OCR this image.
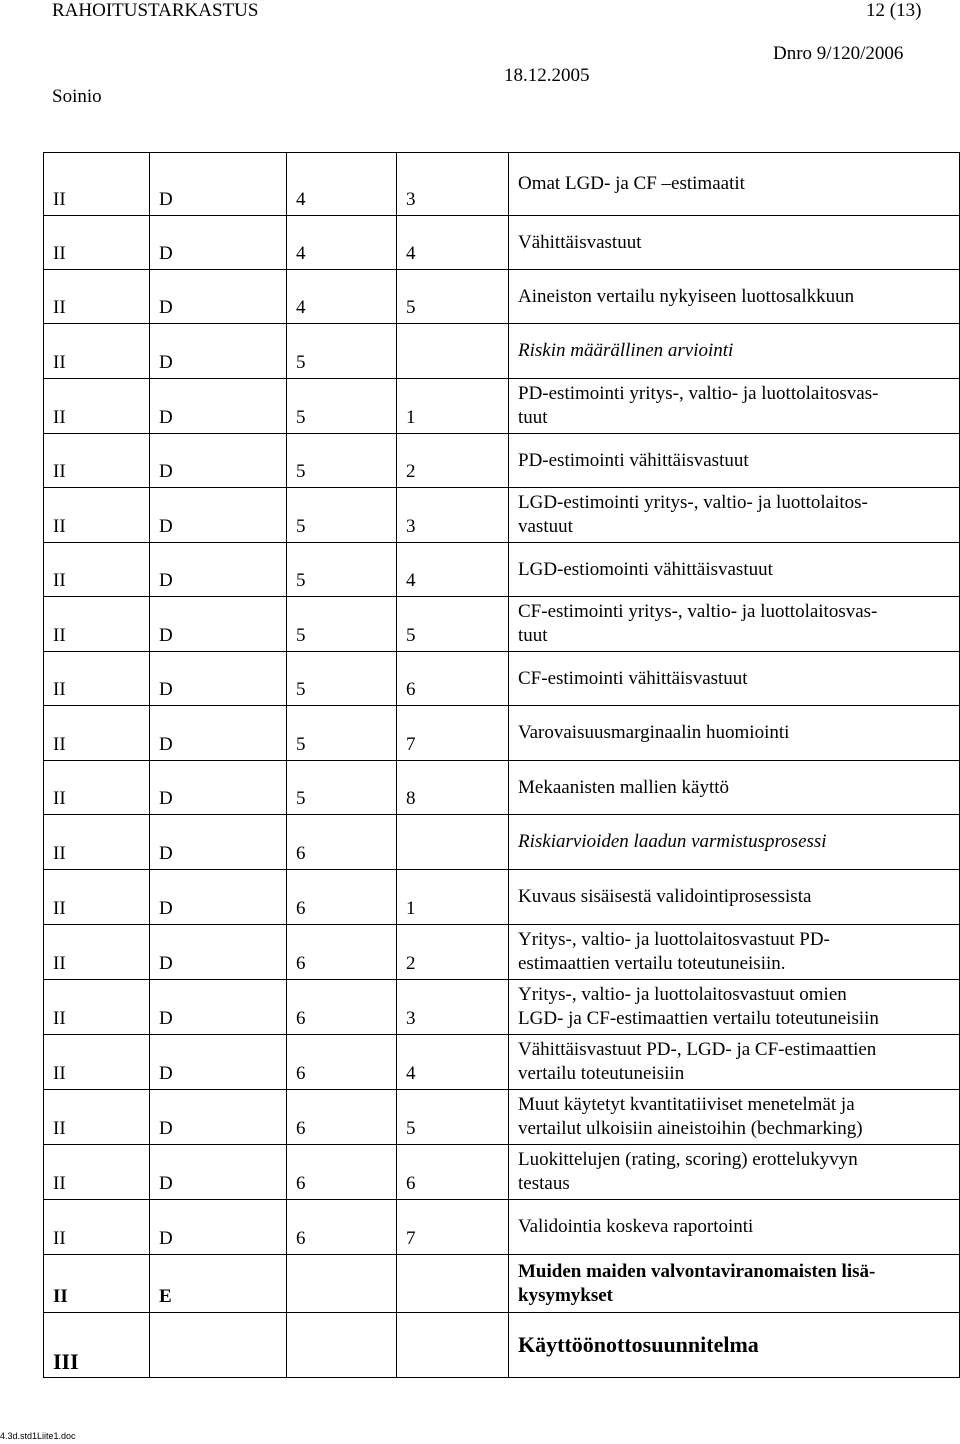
RAHOITUSTARKASTUS	12 (13)
Dnro 9/120/2006
18.12.2005
Soinio
II	D	4	3	Omat LGD- ja CF –estimaatit
II	D	4	4	Vähittäisvastuut
II	D	4	5	Aineiston vertailu nykyiseen luottosalkkuun
II	D	5		Riskin määrällinen arviointi
II	D	5	1	PD-estimointi yritys-, valtio- ja luottolaitosvas-
tuut
II	D	5	2	PD-estimointi vähittäisvastuut
II	D	5	3	LGD-estimointi yritys-, valtio- ja luottolaitos-
vastuut
II	D	5	4	LGD-estiomointi vähittäisvastuut
II	D	5	5	CF-estimointi yritys-, valtio- ja luottolaitosvas-
tuut
II	D	5	6	CF-estimointi vähittäisvastuut
II	D	5	7	Varovaisuusmarginaalin huomiointi
II	D	5	8	Mekaanisten mallien käyttö
II	D	6		Riskiarvioiden laadun varmistusprosessi
II	D	6	1	Kuvaus sisäisestä validointiprosessista
II	D	6	2	Yritys-, valtio- ja luottolaitosvastuut PD-
estimaattien vertailu toteutuneisiin.
II	D	6	3	Yritys-, valtio- ja luottolaitosvastuut omien
LGD- ja CF-estimaattien vertailu toteutuneisiin
II	D	6	4	Vähittäisvastuut PD-, LGD- ja CF-estimaattien
vertailu toteutuneisiin
II	D	6	5	Muut käytetyt kvantitatiiviset menetelmät ja
vertailut ulkoisiin aineistoihin (bechmarking)
II	D	6	6	Luokittelujen (rating, scoring) erottelukyvyn
testaus
II	D	6	7	Validointia koskeva raportointi
II	E			Muiden maiden valvontaviranomaisten lisä-
kysymykset
III				Käyttöönottosuunnitelma
4.3d.std1Liite1.doc
